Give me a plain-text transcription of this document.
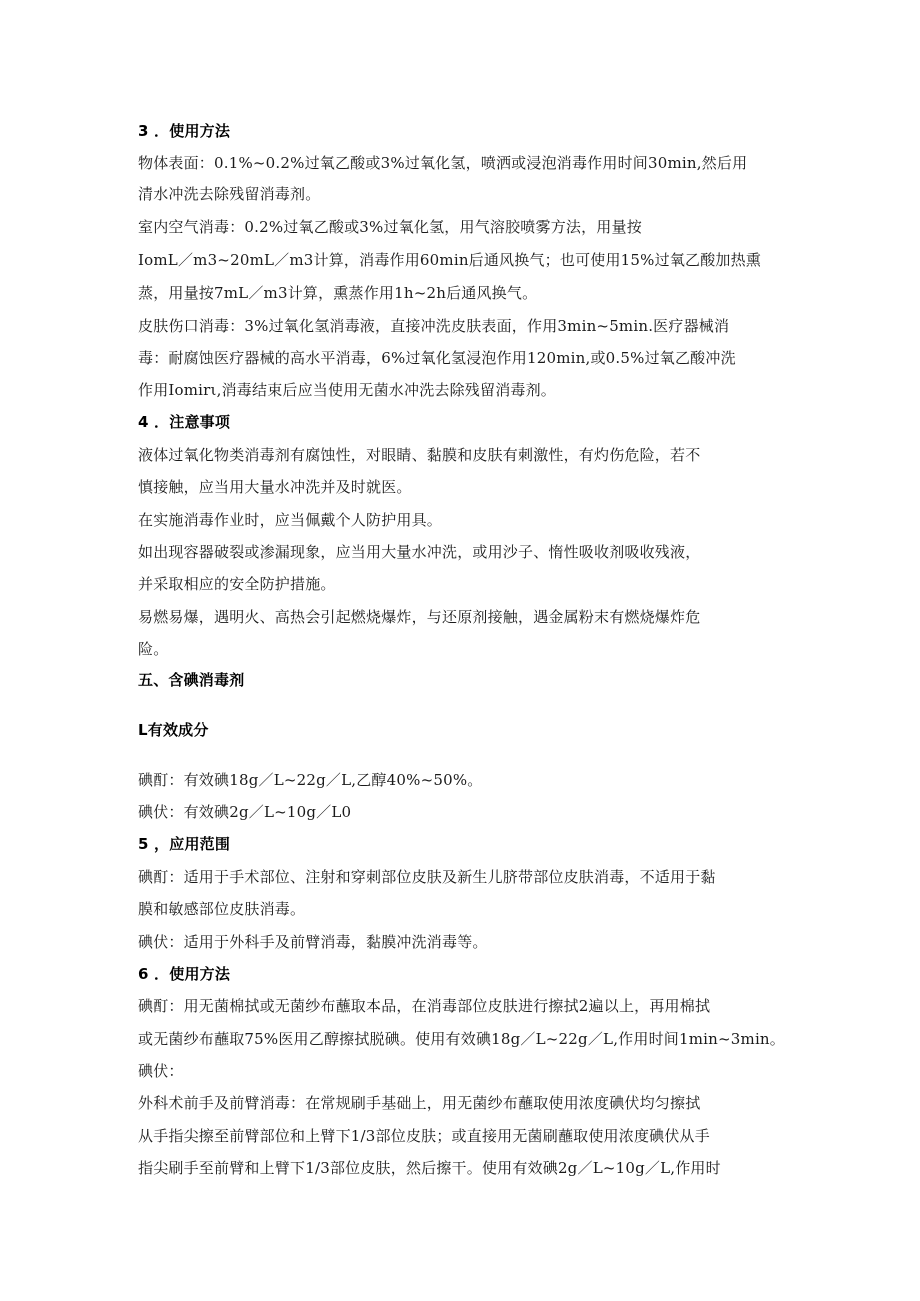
3 ．使用方法
物体表面：0.1%~0.2%过氧乙酸或3%过氧化氢，喷洒或浸泡消毒作用时间30min,然后用
清水冲洗去除残留消毒剂。
室内空气消毒：0.2%过氧乙酸或3%过氧化氢，用气溶胶喷雾方法，用量按
IomL／m3~20mL／m3计算，消毒作用60min后通风换气；也可使用15%过氧乙酸加热熏
蒸，用量按7mL／m3计算，熏蒸作用1h~2h后通风换气。
皮肤伤口消毒：3%过氧化氢消毒液，直接冲洗皮肤表面，作用3min~5min.医疗器械消
毒：耐腐蚀医疗器械的高水平消毒，6%过氧化氢浸泡作用120min,或0.5%过氧乙酸冲洗
作用Iomirι,消毒结束后应当使用无菌水冲洗去除残留消毒剂。
4 ．注意事项
液体过氧化物类消毒剂有腐蚀性，对眼睛、黏膜和皮肤有刺激性，有灼伤危险，若不
慎接触，应当用大量水冲洗并及时就医。
在实施消毒作业时，应当佩戴个人防护用具。
如出现容器破裂或渗漏现象，应当用大量水冲洗，或用沙子、惰性吸收剂吸收残液，
并采取相应的安全防护措施。
易燃易爆，遇明火、高热会引起燃烧爆炸，与还原剂接触，遇金属粉末有燃烧爆炸危
险。
五、含碘消毒剂
L有效成分
碘酊：有效碘18g／L~22g／L,乙醇40%~50%。
碘伏：有效碘2g／L~10g／L0
5 ，应用范围
碘酊：适用于手术部位、注射和穿刺部位皮肤及新生儿脐带部位皮肤消毒，不适用于黏
膜和敏感部位皮肤消毒。
碘伏：适用于外科手及前臂消毒，黏膜冲洗消毒等。
6 ．使用方法
碘酊：用无菌棉拭或无菌纱布蘸取本品，在消毒部位皮肤进行擦拭2遍以上，再用棉拭
或无菌纱布蘸取75%医用乙醇擦拭脱碘。使用有效碘18g／L~22g／L,作用时间1min~3min。
碘伏：
外科术前手及前臂消毒：在常规刷手基础上，用无菌纱布蘸取使用浓度碘伏均匀擦拭
从手指尖擦至前臂部位和上臂下1/3部位皮肤；或直接用无菌刷蘸取使用浓度碘伏从手
指尖刷手至前臂和上臂下1/3部位皮肤，然后擦干。使用有效碘2g／L~10g／L,作用时
